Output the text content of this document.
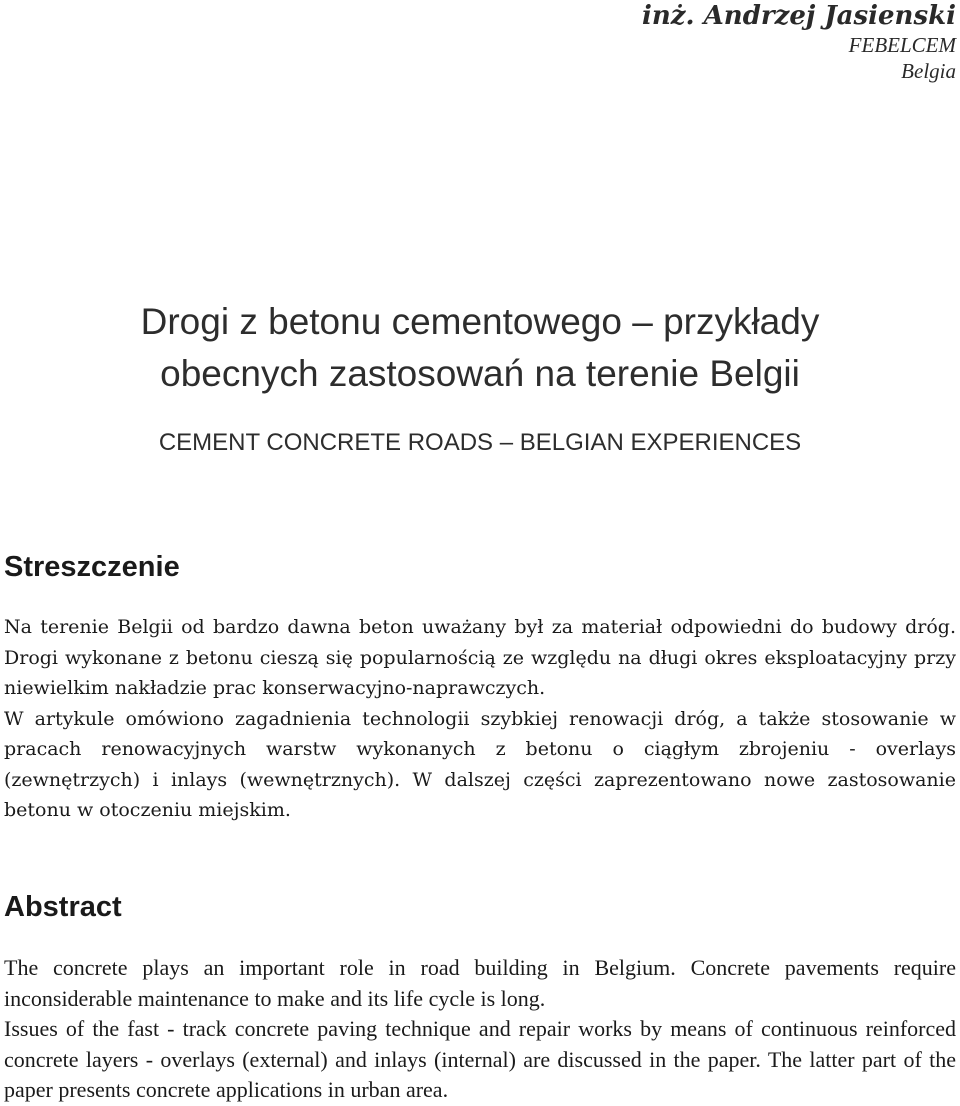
inż. Andrzej Jasienski
FEBELCEM
Belgia
Drogi z betonu cementowego – przykłady
obecnych zastosowań na terenie Belgii
CEMENT CONCRETE ROADS – BELGIAN EXPERIENCES
Streszczenie

Na terenie Belgii od bardzo dawna beton uważany był za materiał odpowiedni do budowy dróg. Drogi wykonane z betonu cieszą się popularnością ze względu na długi okres eksploatacyjny przy niewielkim nakładzie prac konserwacyjno-naprawczych.

W artykule omówiono zagadnienia technologii szybkiej renowacji dróg, a także stosowanie w pracach renowacyjnych warstw wykonanych z betonu o ciągłym zbrojeniu - overlays (zewnętrzych) i inlays (wewnętrznych). W dalszej części zaprezentowano nowe zastosowanie betonu w otoczeniu miejskim.

Abstract

The concrete plays an important role in road building in Belgium. Concrete pavements require inconsiderable maintenance to make and its life cycle is long.

Issues of the fast - track concrete paving technique and repair works by means of continuous reinforced concrete layers - overlays (external) and inlays (internal) are discussed in the paper. The latter part of the paper presents concrete applications in urban area.
